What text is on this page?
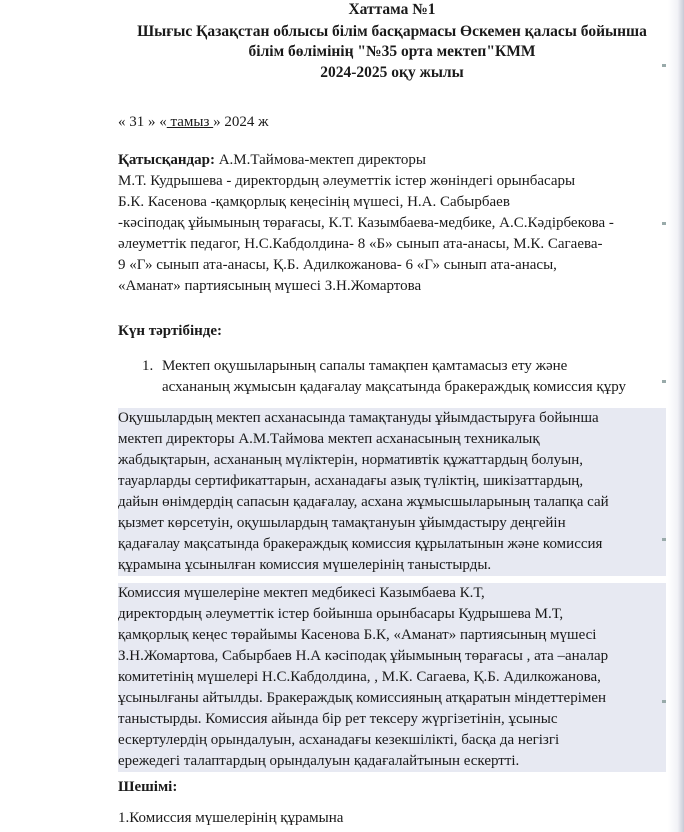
Хаттама №1
Шығыс Қазақстан облысы білім басқармасы Өскемен қаласы бойынша
білім бөлімінің "№35 орта мектеп"КММ
2024-2025 оқу жылы
« 31 » « тамыз » 2024 ж
Қатысқандар: А.М.Таймова-мектеп директоры
М.Т. Кудрышева - директордың әлеуметтік істер жөніндегі орынбасары
Б.К. Касенова -қамқорлық кеңесінің мүшесі, Н.А. Сабырбаев
-кәсіподақ ұйымының төрағасы, К.Т. Казымбаева-медбике, А.С.Кәдірбекова -
әлеуметтік педагог, Н.С.Кабдолдина- 8 «Б» сынып ата-анасы, М.К. Сагаева-
9 «Г» сынып ата-анасы, Қ.Б. Адилкожанова- 6 «Г» сынып ата-анасы,
«Аманат» партиясының мүшесі З.Н.Жомартова
Күн тәртібінде:
1. Мектеп оқушыларының сапалы тамақпен қамтамасыз ету және
асхананың жұмысын қадағалау мақсатында бракераждық комиссия құру
Оқушылардың мектеп асханасында тамақтануды ұйымдастыруға бойынша
мектеп директоры А.М.Таймова мектеп асханасының техникалық
жабдықтарын, асхананың мүліктерін, нормативтік құжаттардың болуын,
тауарларды сертификаттарын, асханадағы азық түліктің, шикізаттардың,
дайын өнімдердің сапасын қадағалау, асхана жұмысшыларының талапқа сай
қызмет көрсетуін, оқушылардың тамақтануын ұйымдастыру деңгейін
қадағалау мақсатында бракераждық комиссия құрылатынын және комиссия
құрамына ұсынылған комиссия мүшелерінің таныстырды.
Комиссия мүшелеріне мектеп медбикесі Казымбаева К.Т,
директордың әлеуметтік істер бойынша орынбасары Кудрышева М.Т,
қамқорлық кеңес төрайымы Касенова Б.К, «Аманат» партиясының мүшесі
З.Н.Жомартова, Сабырбаев Н.А кәсіподақ ұйымының төрағасы , ата –аналар
комитетінің мүшелері Н.С.Кабдолдина, , М.К. Сагаева, Қ.Б. Адилкожанова,
ұсынылғаны айтылды. Бракераждық комиссияның атқаратын міндеттерімен
таныстырды. Комиссия айында бір рет тексеру жүргізетінін, ұсыныс
ескертулердің орындалуын, асханадағы кезекшілікті, басқа да негізгі
ережедегі талаптардың орындалуын қадағалайтынын ескертті.
Шешімі:
1.Комиссия мүшелерінің құрамына
